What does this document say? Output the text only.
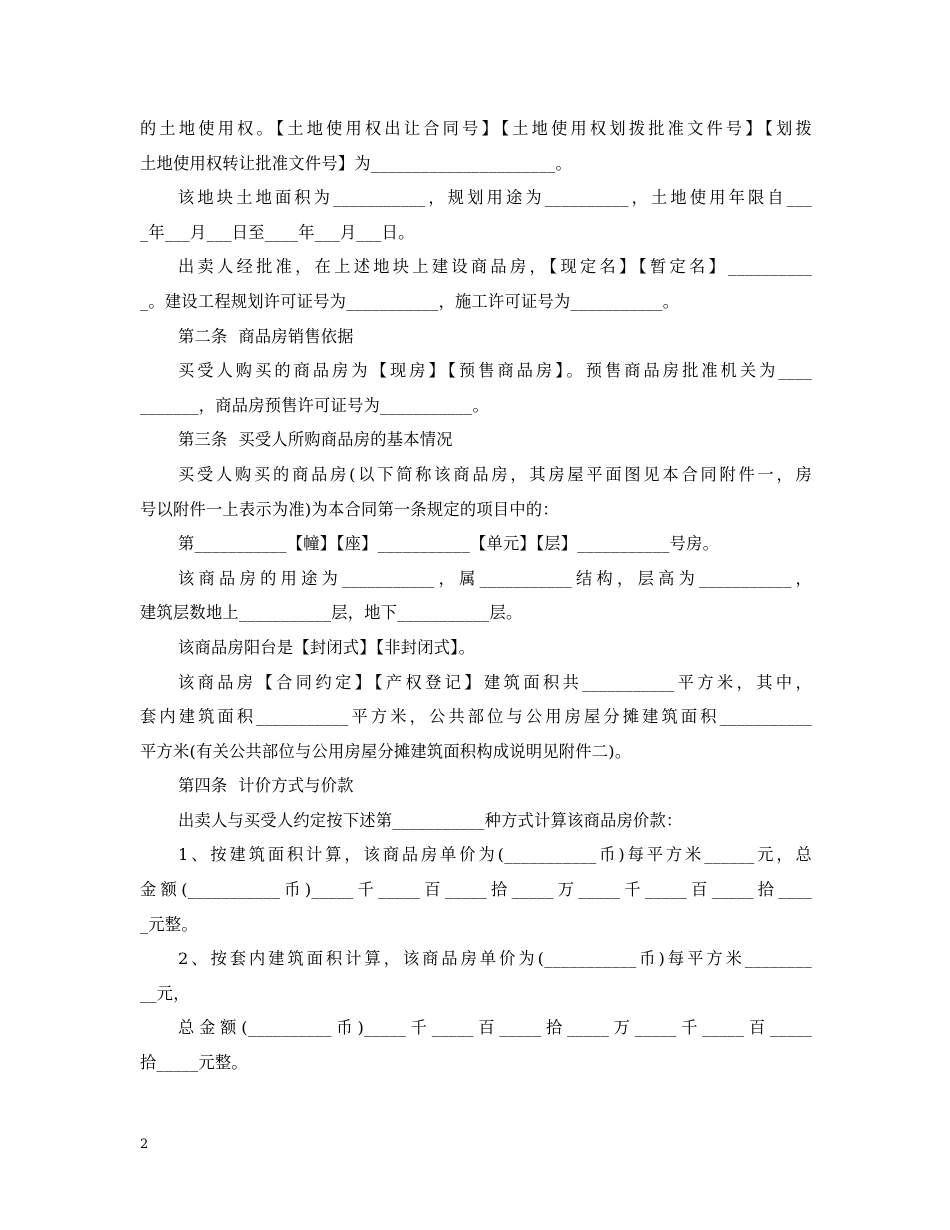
的土地使用权。【土地使用权出让合同号】【土地使用权划拨批准文件号】【划拨
土地使用权转让批准文件号】为______________________。
该地块土地面积为___________，规划用途为__________，土地使用年限自___
_年___月___日至____年___月___日。
出卖人经批准，在上述地块上建设商品房，【现定名】【暂定名】__________
_。建设工程规划许可证号为___________，施工许可证号为___________。
第二条  商品房销售依据
买受人购买的商品房为【现房】【预售商品房】。预售商品房批准机关为____
_______，商品房预售许可证号为___________。
第三条  买受人所购商品房的基本情况
买受人购买的商品房(以下简称该商品房，其房屋平面图见本合同附件一，房
号以附件一上表示为准)为本合同第一条规定的项目中的：
第___________【幢】【座】___________【单元】【层】___________号房。
该商品房的用途为___________，属___________结构，层高为___________，
建筑层数地上___________层，地下___________层。
该商品房阳台是【封闭式】【非封闭式】。
该商品房【合同约定】【产权登记】建筑面积共___________平方米，其中，
套内建筑面积___________平方米，公共部位与公用房屋分摊建筑面积___________
平方米(有关公共部位与公用房屋分摊建筑面积构成说明见附件二)。
第四条  计价方式与价款
出卖人与买受人约定按下述第___________种方式计算该商品房价款：
1、按建筑面积计算，该商品房单价为(___________币)每平方米______元，总
金额(___________币)_____千_____百_____拾_____万_____千_____百_____拾____
_元整。
2、按套内建筑面积计算，该商品房单价为(___________币)每平方米________
__元，
总金额(__________币)_____千_____百_____拾_____万_____千_____百_____
拾_____元整。
2
